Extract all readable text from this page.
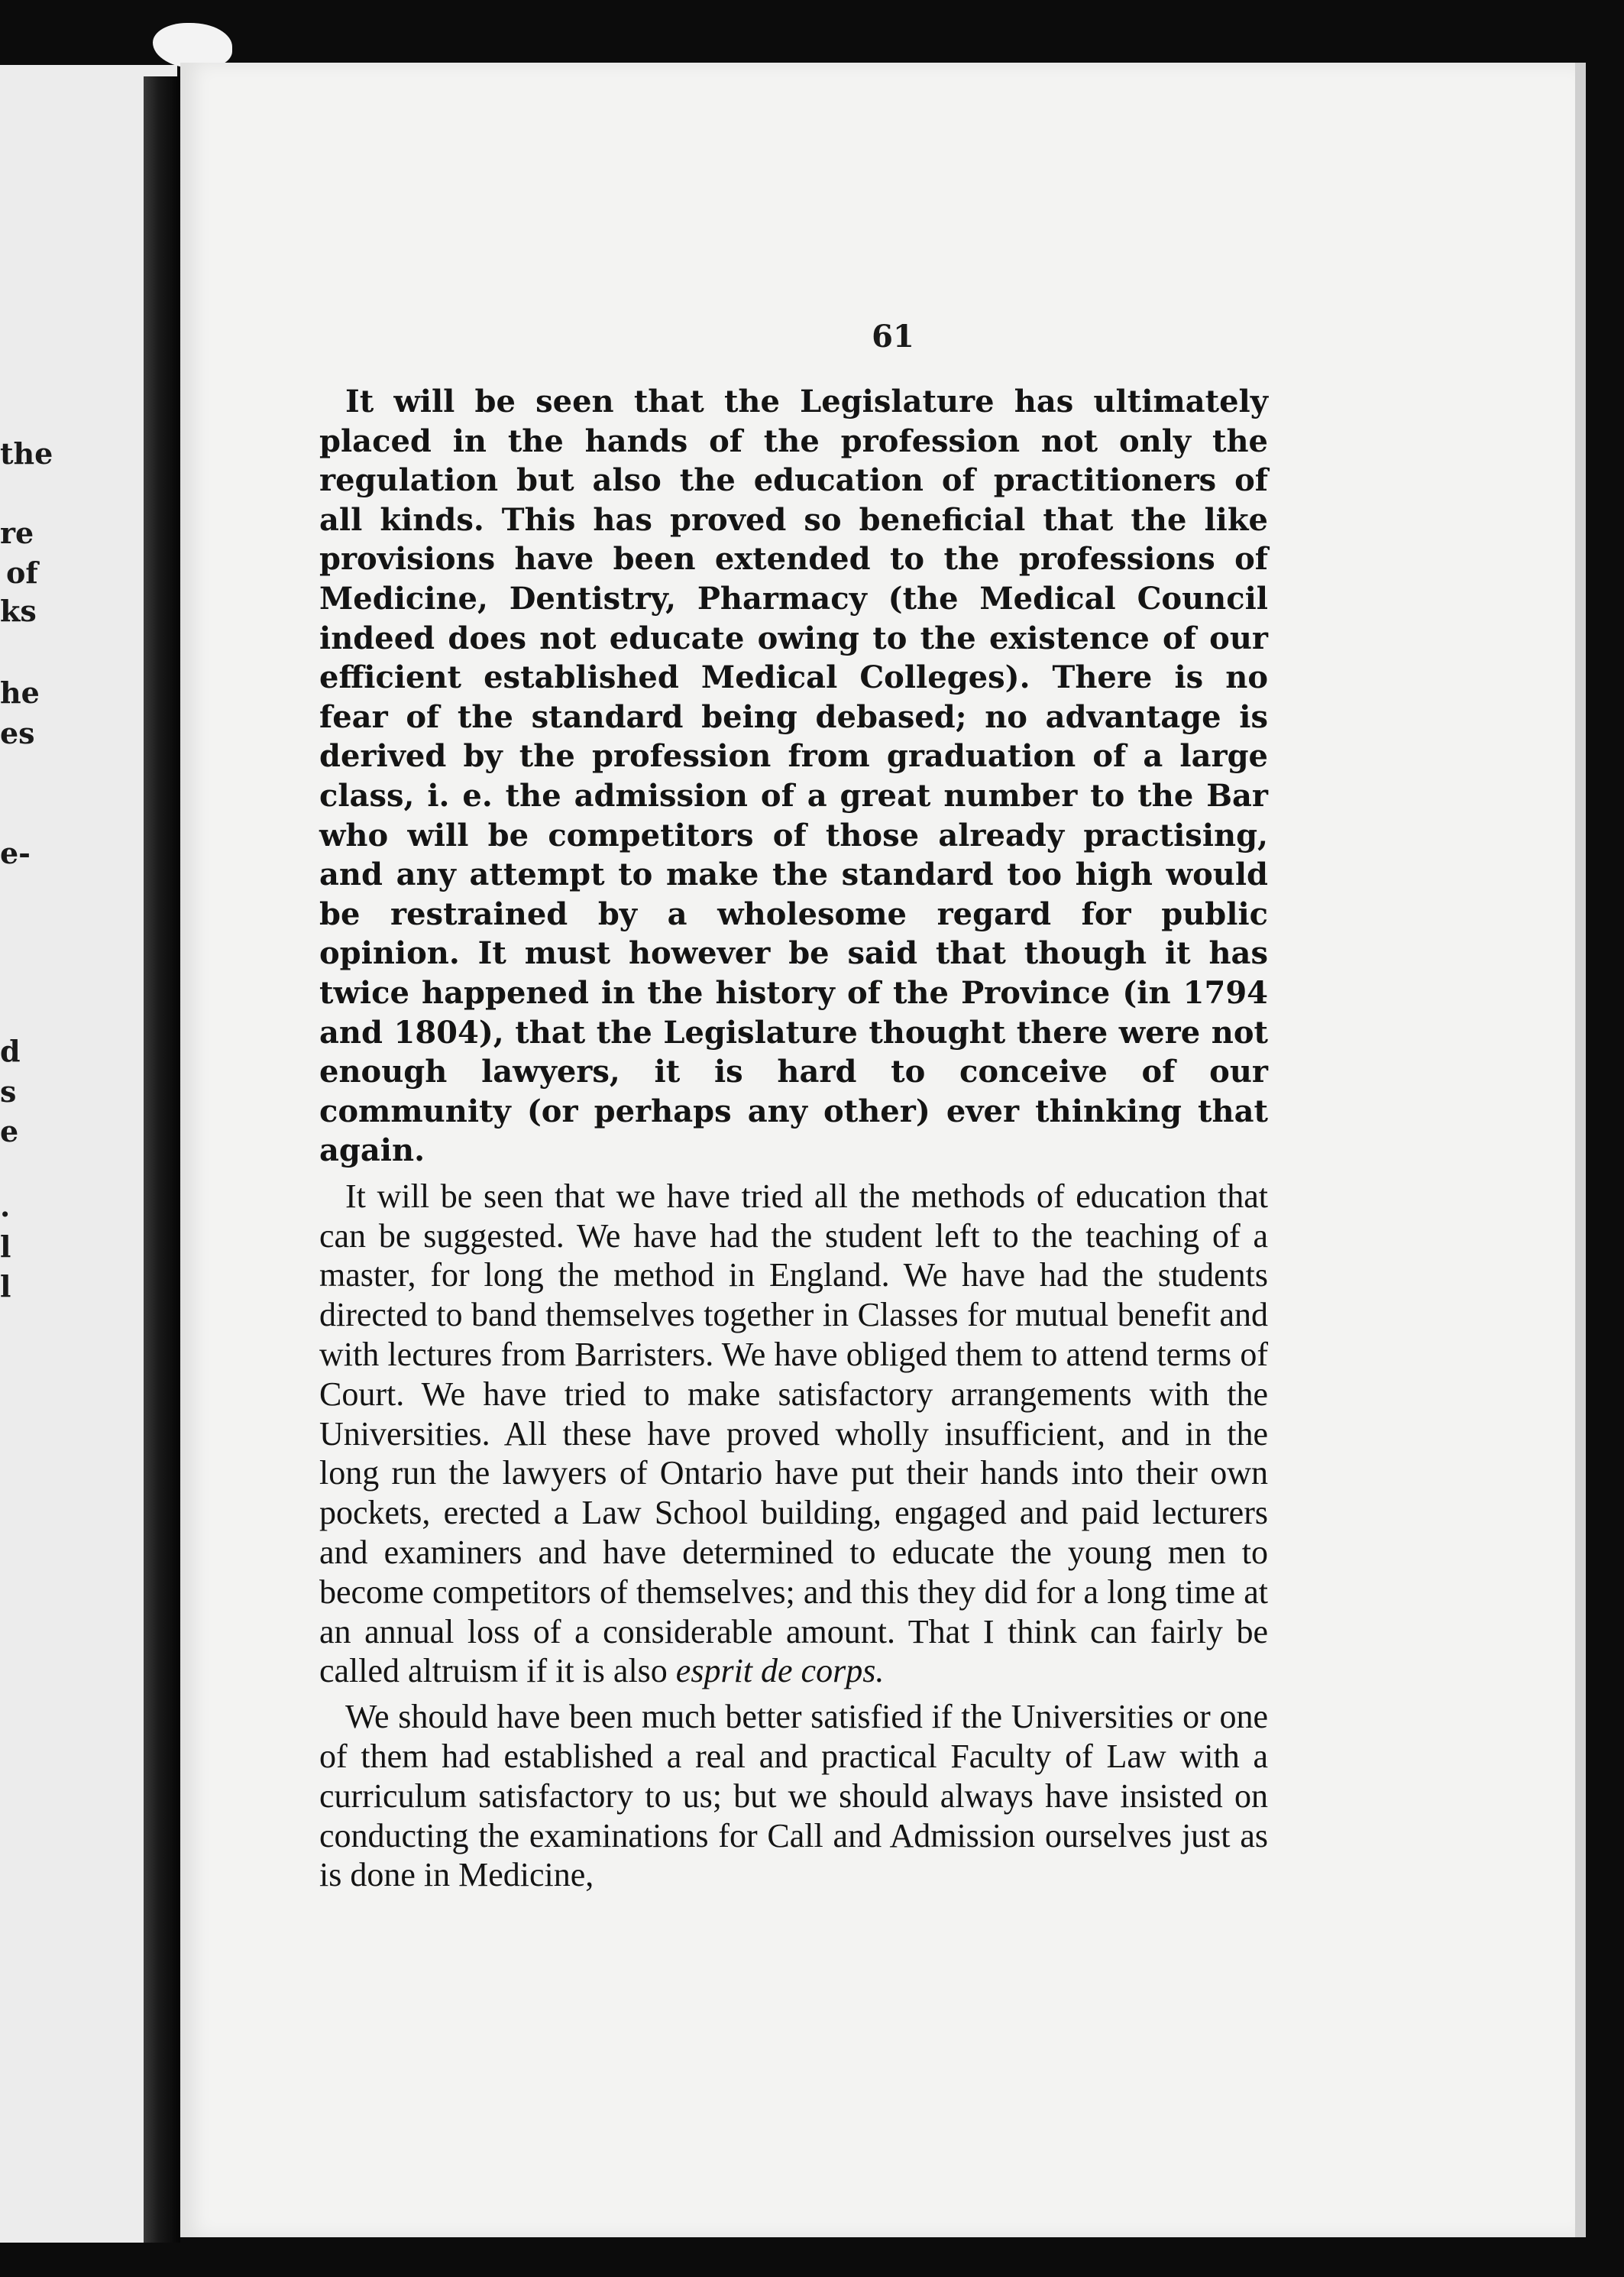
the
re
of
ks
he
es
e-
d
s
e
.
l
l
61

It will be seen that the Legislature has ultimately placed in the hands of the profession not only the regulation but also the education of practitioners of all kinds. This has proved so beneficial that the like provisions have been extended to the professions of Medicine, Dentistry, Pharmacy (the Medical Council indeed does not educate owing to the existence of our efficient established Medical Colleges). There is no fear of the standard being debased; no advantage is derived by the profession from graduation of a large class, i. e. the admission of a great number to the Bar who will be competitors of those already practising, and any attempt to make the standard too high would be restrained by a wholesome regard for public opinion. It must however be said that though it has twice happened in the history of the Province (in 1794 and 1804), that the Legislature thought there were not enough lawyers, it is hard to conceive of our community (or perhaps any other) ever thinking that again.

It will be seen that we have tried all the methods of education that can be suggested. We have had the student left to the teaching of a master, for long the method in England. We have had the students directed to band themselves together in Classes for mutual benefit and with lectures from Barristers. We have obliged them to attend terms of Court. We have tried to make satisfactory arrangements with the Universities. All these have proved wholly insufficient, and in the long run the lawyers of Ontario have put their hands into their own pockets, erected a Law School building, engaged and paid lecturers and examiners and have determined to educate the young men to become competitors of themselves; and this they did for a long time at an annual loss of a considerable amount. That I think can fairly be called altruism if it is also esprit de corps.

We should have been much better satisfied if the Universities or one of them had established a real and practical Faculty of Law with a curriculum satisfactory to us; but we should always have insisted on conducting the examinations for Call and Admission ourselves just as is done in Medicine,
